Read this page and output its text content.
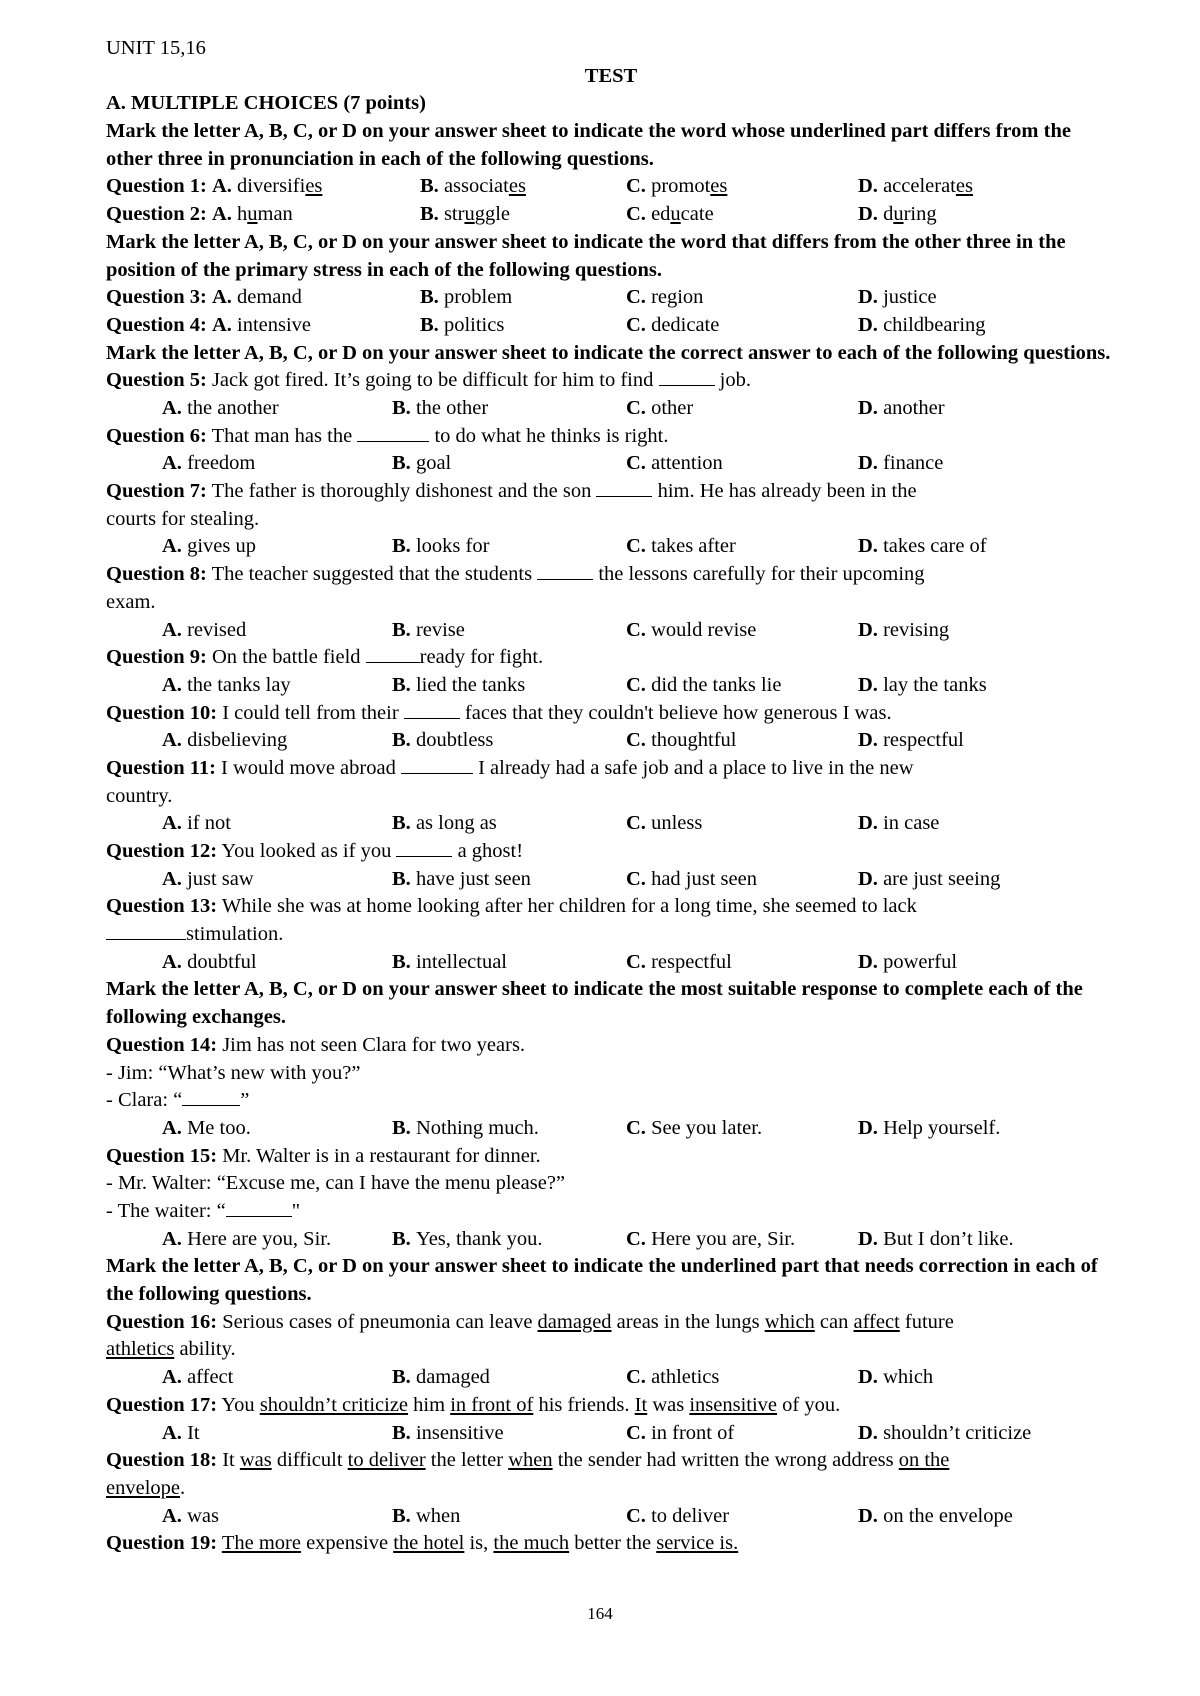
UNIT 15,16
TEST
A. MULTIPLE CHOICES (7 points)
Mark the letter A, B, C, or D on your answer sheet to indicate the word whose underlined part differs from the other three in pronunciation in each of the following questions.
Question 1: A. diversifies	B. associates	C. promotes	D. accelerates
Question 2: A. human	B. struggle	C. educate	D. during
Mark the letter A, B, C, or D on your answer sheet to indicate the word that differs from the other three in the position of the primary stress in each of the following questions.
Question 3: A. demand	B. problem	C. region	D. justice
Question 4: A. intensive	B. politics	C. dedicate	D. childbearing
Mark the letter A, B, C, or D on your answer sheet to indicate the correct answer to each of the following questions.
Question 5: Jack got fired. It’s going to be difficult for him to find	job.
A. the another	B. the other	C. other	D. another
Question 6: That man has the	to do what he thinks is right.
A. freedom	B. goal	C. attention	D. finance
Question 7: The father is thoroughly dishonest and the son	him. He has already been in the
courts for stealing.
A. gives up	B. looks for	C. takes after	D. takes care of
Question 8: The teacher suggested that the students	the lessons carefully for their upcoming
exam.
A. revised	B. revise	C. would revise	D. revising
Question 9: On the battle field	ready for fight.
A. the tanks lay	B. lied the tanks	C. did the tanks lie	D. lay the tanks
Question 10: I could tell from their	faces that they couldn't believe how generous I was.
A. disbelieving	B. doubtless	C. thoughtful	D. respectful
Question 11: I would move abroad	I already had a safe job and a place to live in the new
country.
A. if not	B. as long as	C. unless	D. in case
Question 12: You looked as if you	a ghost!
A. just saw	B. have just seen	C. had just seen	D. are just seeing
Question 13: While she was at home looking after her children for a long time, she seemed to lack
stimulation.
A. doubtful	B. intellectual	C. respectful	D. powerful
Mark the letter A, B, C, or D on your answer sheet to indicate the most suitable response to complete each of the following exchanges.
Question 14: Jim has not seen Clara for two years.
- Jim: “What’s new with you?”
- Clara: “	”
A. Me too.	B. Nothing much.	C. See you later.	D. Help yourself.
Question 15: Mr. Walter is in a restaurant for dinner.
- Mr. Walter: “Excuse me, can I have the menu please?”
- The waiter: “	"
A. Here are you, Sir.	B. Yes, thank you.	C. Here you are, Sir.	D. But I don’t like.
Mark the letter A, B, C, or D on your answer sheet to indicate the underlined part that needs correction in each of the following questions.
Question 16: Serious cases of pneumonia can leave damaged areas in the lungs which can affect future
athletics ability.
A. affect	B. damaged	C. athletics	D. which
Question 17: You shouldn’t criticize him in front of his friends. It was insensitive of you.
A. It	B. insensitive	C. in front of	D. shouldn’t criticize
Question 18: It was difficult to deliver the letter when the sender had written the wrong address on the
envelope.
A. was	B. when	C. to deliver	D. on the envelope
Question 19: The more expensive the hotel is, the much better the service is.
164
